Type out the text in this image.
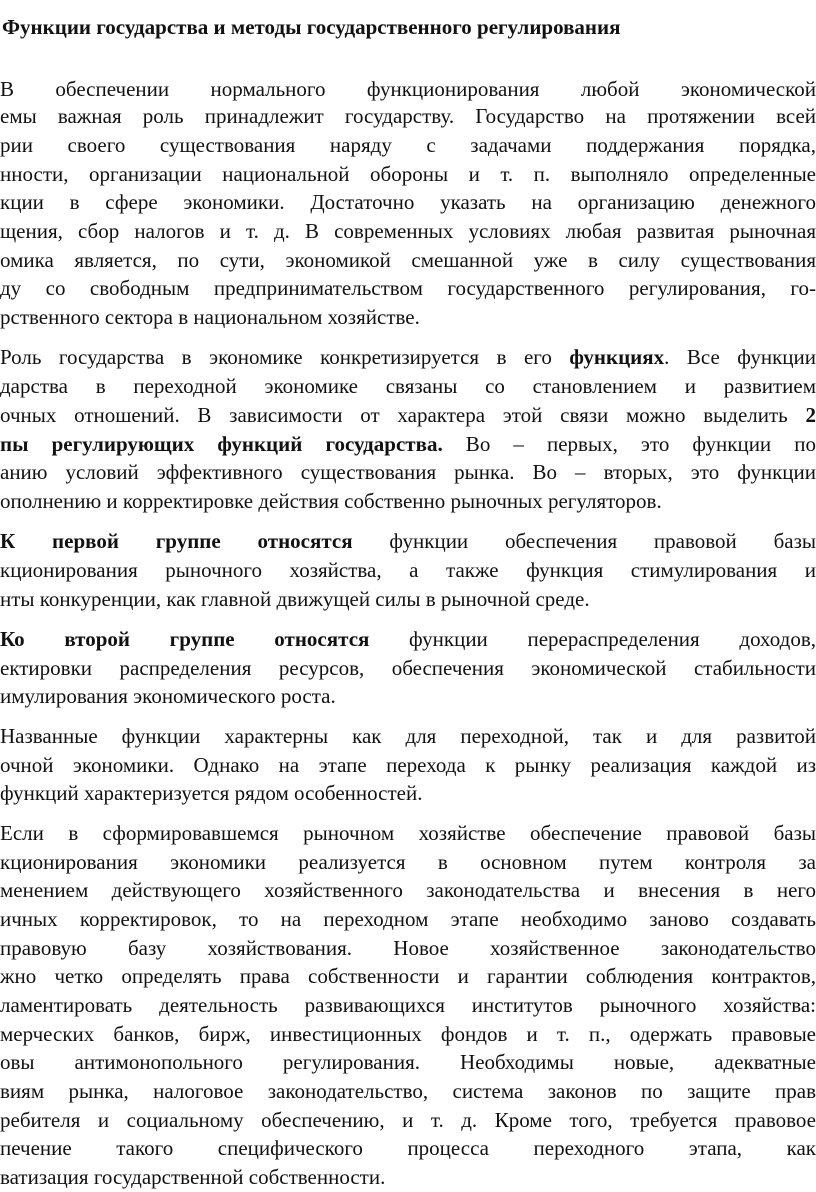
Функции государства и методы государственного регулирования
В обеспечении нормального функционирования любой экономической
емы важная роль принадлежит государству. Государство на протяжении всей
рии своего существования наряду с задачами поддержания порядка,
нности, организации национальной обороны и т. п. выполняло определенные
кции в сфере экономики. Достаточно указать на организацию денежного
щения, сбор налогов и т. д. В современных условиях любая развитая рыночная
омика является, по сути, экономикой смешанной уже в силу существования
ду со свободным предпринимательством государственного регулирования, го-
рственного сектора в национальном хозяйстве.
Роль государства в экономике конкретизируется в его функциях. Все функции
дарства в переходной экономике связаны со становлением и развитием
очных отношений. В зависимости от характера этой связи можно выделить 2
пы регулирующих функций государства. Во – первых, это функции по
анию условий эффективного существования рынка. Во – вторых, это функции
ополнению и корректировке действия собственно рыночных регуляторов.
К первой группе относятся функции обеспечения правовой базы
кционирования рыночного хозяйства, а также функция стимулирования и
нты конкуренции, как главной движущей силы в рыночной среде.
Ко второй группе относятся функции перераспределения доходов,
ектировки распределения ресурсов, обеспечения экономической стабильности
имулирования экономического роста.
Названные функции характерны как для переходной, так и для развитой
очной экономики. Однако на этапе перехода к рынку реализация каждой из
функций характеризуется рядом особенностей.
Если в сформировавшемся рыночном хозяйстве обеспечение правовой базы
кционирования экономики реализуется в основном путем контроля за
менением действующего хозяйственного законодательства и внесения в него
ичных корректировок, то на переходном этапе необходимо заново создавать
правовую базу хозяйствования. Новое хозяйственное законодательство
жно четко определять права собственности и гарантии соблюдения контрактов,
ламентировать деятельность развивающихся институтов рыночного хозяйства:
мерческих банков, бирж, инвестиционных фондов и т. п., одержать правовые
овы антимонопольного регулирования. Необходимы новые, адекватные
виям рынка, налоговое законодательство, система законов по защите прав
ребителя и социальному обеспечению, и т. д. Кроме того, требуется правовое
печение такого специфического процесса переходного этапа, как
ватизация государственной собственности.
